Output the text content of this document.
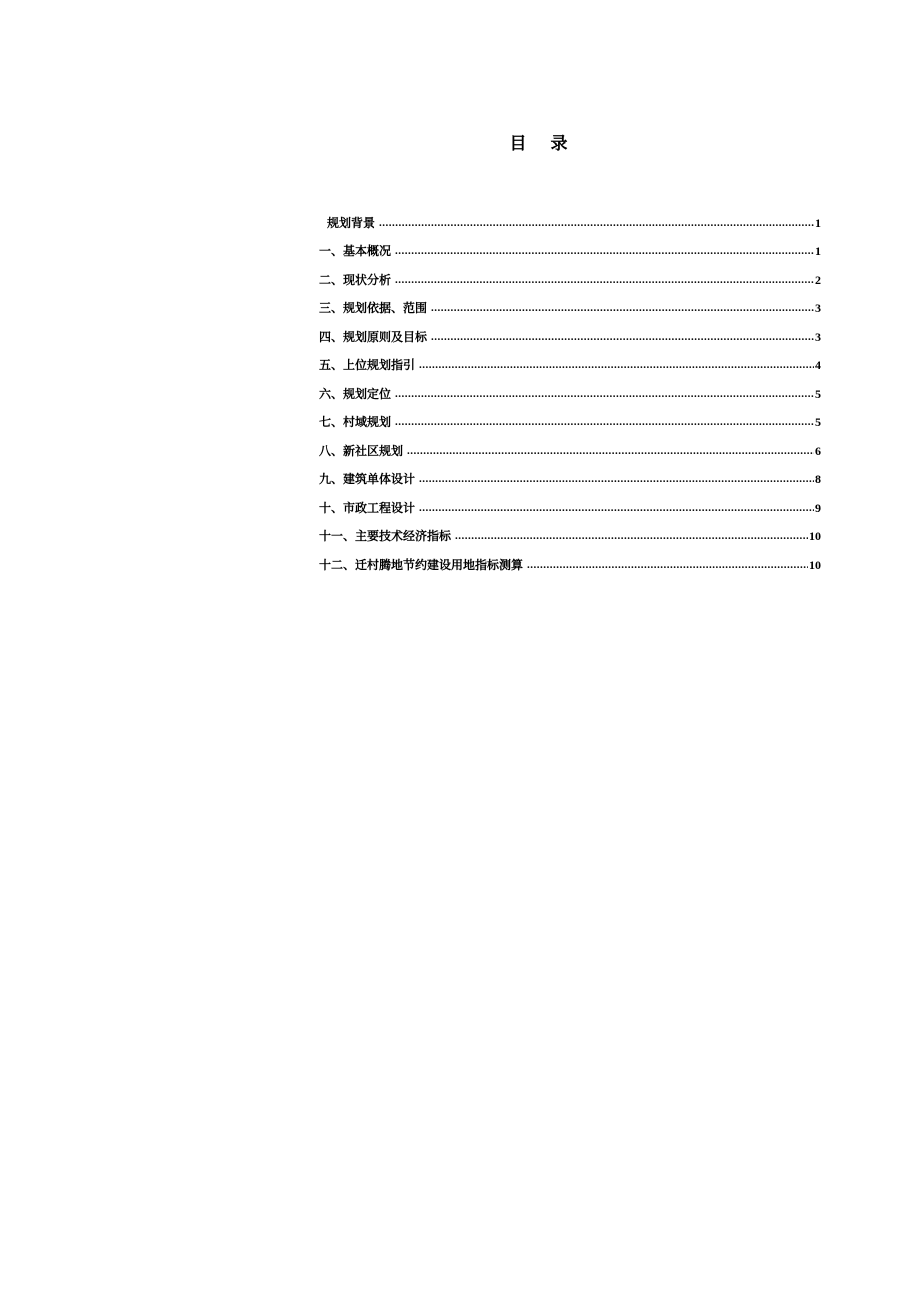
目 录
规划背景 .....	1
一、基本概况 .....	1
二、现状分析 .....	2
三、规划依据、范围 .....	3
四、规划原则及目标 .....	3
五、上位规划指引 .....	4
六、规划定位 .....	5
七、村域规划 .....	5
八、新社区规划 .....	6
九、建筑单体设计 .....	8
十、市政工程设计 .....	9
十一、主要技术经济指标 .....	10
十二、迁村腾地节约建设用地指标测算 .....	10
